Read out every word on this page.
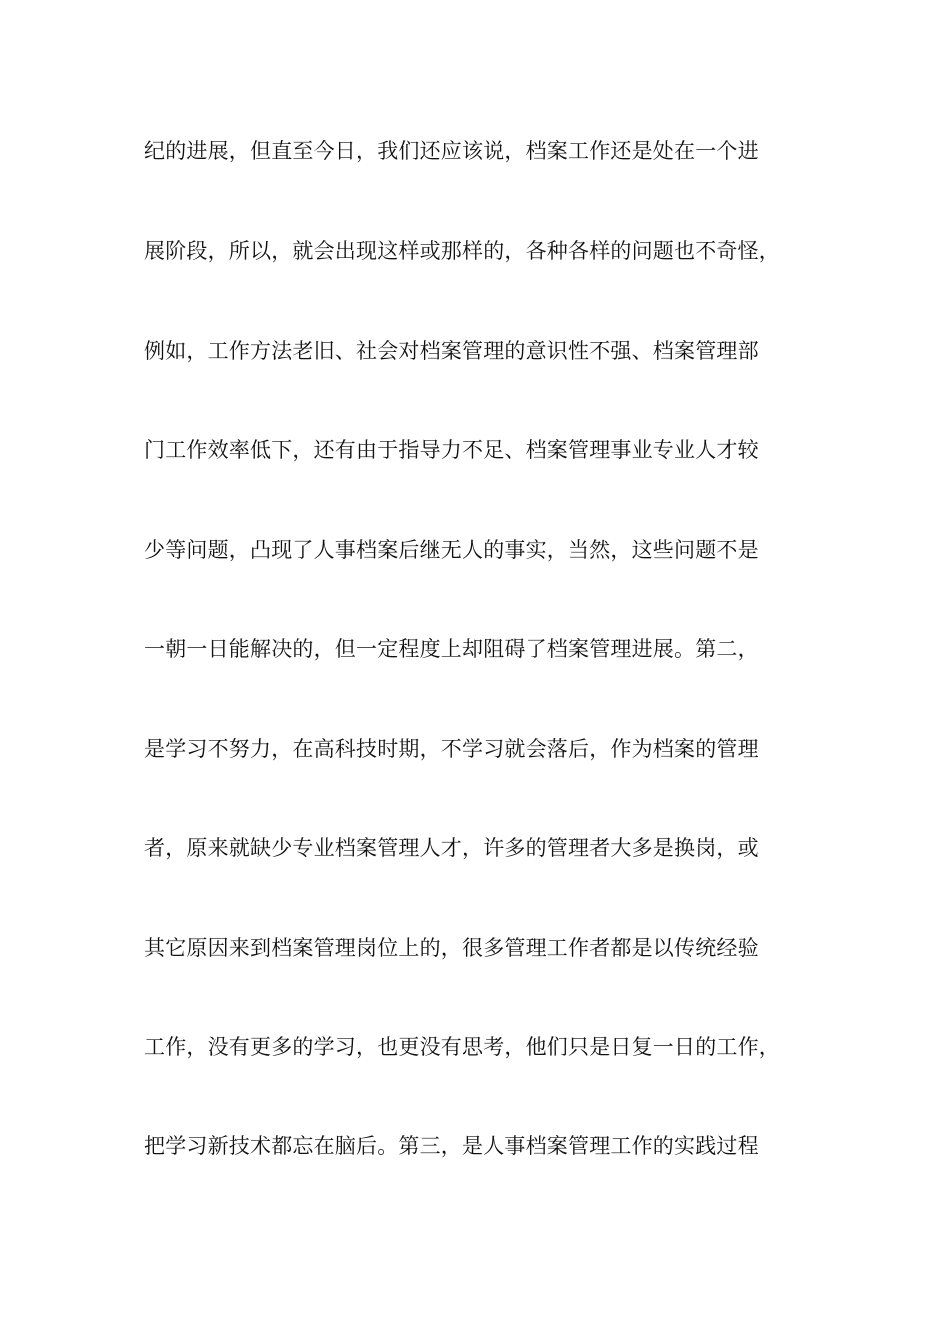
纪的进展，但直至今日，我们还应该说，档案工作还是处在一个进
展阶段，所以，就会出现这样或那样的，各种各样的问题也不奇怪，
例如，工作方法老旧、社会对档案管理的意识性不强、档案管理部
门工作效率低下，还有由于指导力不足、档案管理事业专业人才较
少等问题，凸现了人事档案后继无人的事实，当然，这些问题不是
一朝一日能解决的，但一定程度上却阻碍了档案管理进展。第二，
是学习不努力，在高科技时期，不学习就会落后，作为档案的管理
者，原来就缺少专业档案管理人才，许多的管理者大多是换岗，或
其它原因来到档案管理岗位上的，很多管理工作者都是以传统经验
工作，没有更多的学习，也更没有思考，他们只是日复一日的工作，
把学习新技术都忘在脑后。第三，是人事档案管理工作的实践过程
